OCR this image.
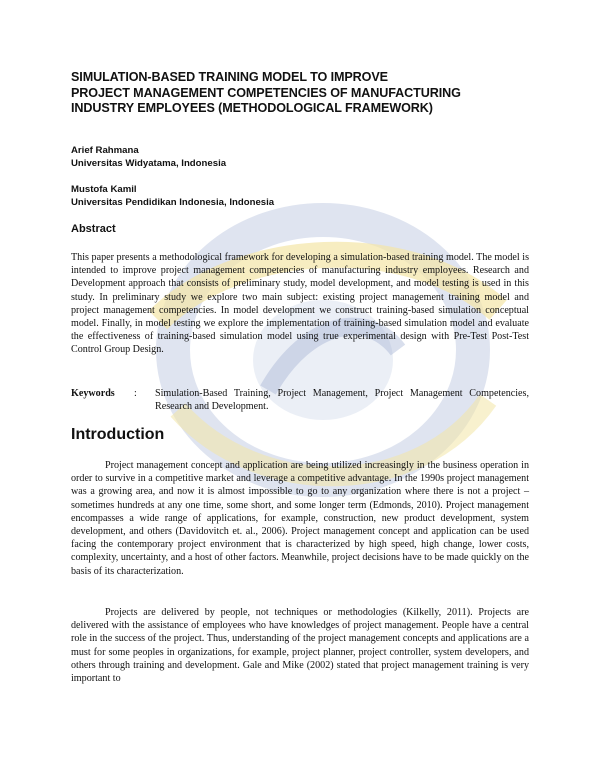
SIMULATION-BASED TRAINING MODEL TO IMPROVE
PROJECT MANAGEMENT COMPETENCIES OF MANUFACTURING
INDUSTRY EMPLOYEES (METHODOLOGICAL FRAMEWORK)
Arief Rahmana
Universitas Widyatama, Indonesia
Mustofa Kamil
Universitas Pendidikan Indonesia, Indonesia
Abstract

This paper presents a methodological framework for developing a simulation-based training model. The model is intended to improve project management competencies of manufacturing industry employees. Research and Development approach that consists of preliminary study, model development, and model testing is used in this study. In preliminary study we explore two main subject: existing project management training model and project management competencies. In model development we construct training-based simulation conceptual model. Finally, in model testing we explore the implementation of training-based simulation model and evaluate the effectiveness of training-based simulation model using true experimental design with Pre-Test Post-Test Control Group Design.

Keywords : Simulation-Based Training, Project Management, Project Management Competencies, Research and Development.

Introduction

Project management concept and application are being utilized increasingly in the business operation in order to survive in a competitive market and leverage a competitive advantage. In the 1990s project management was a growing area, and now it is almost impossible to go to any organization where there is not a project – sometimes hundreds at any one time, some short, and some longer term (Edmonds, 2010). Project management encompasses a wide range of applications, for example, construction, new product development, system development, and others (Davidovitch et. al., 2006). Project management concept and application can be used facing the contemporary project environment that is characterized by high speed, high change, lower costs, complexity, uncertainty, and a host of other factors. Meanwhile, project decisions have to be made quickly on the basis of its characterization.

Projects are delivered by people, not techniques or methodologies (Kilkelly, 2011). Projects are delivered with the assistance of employees who have knowledges of project management. People have a central role in the success of the project. Thus, understanding of the project management concepts and applications are a must for some peoples in organizations, for example, project planner, project controller, system developers, and others through training and development. Gale and Mike (2002) stated that project management training is very important to
